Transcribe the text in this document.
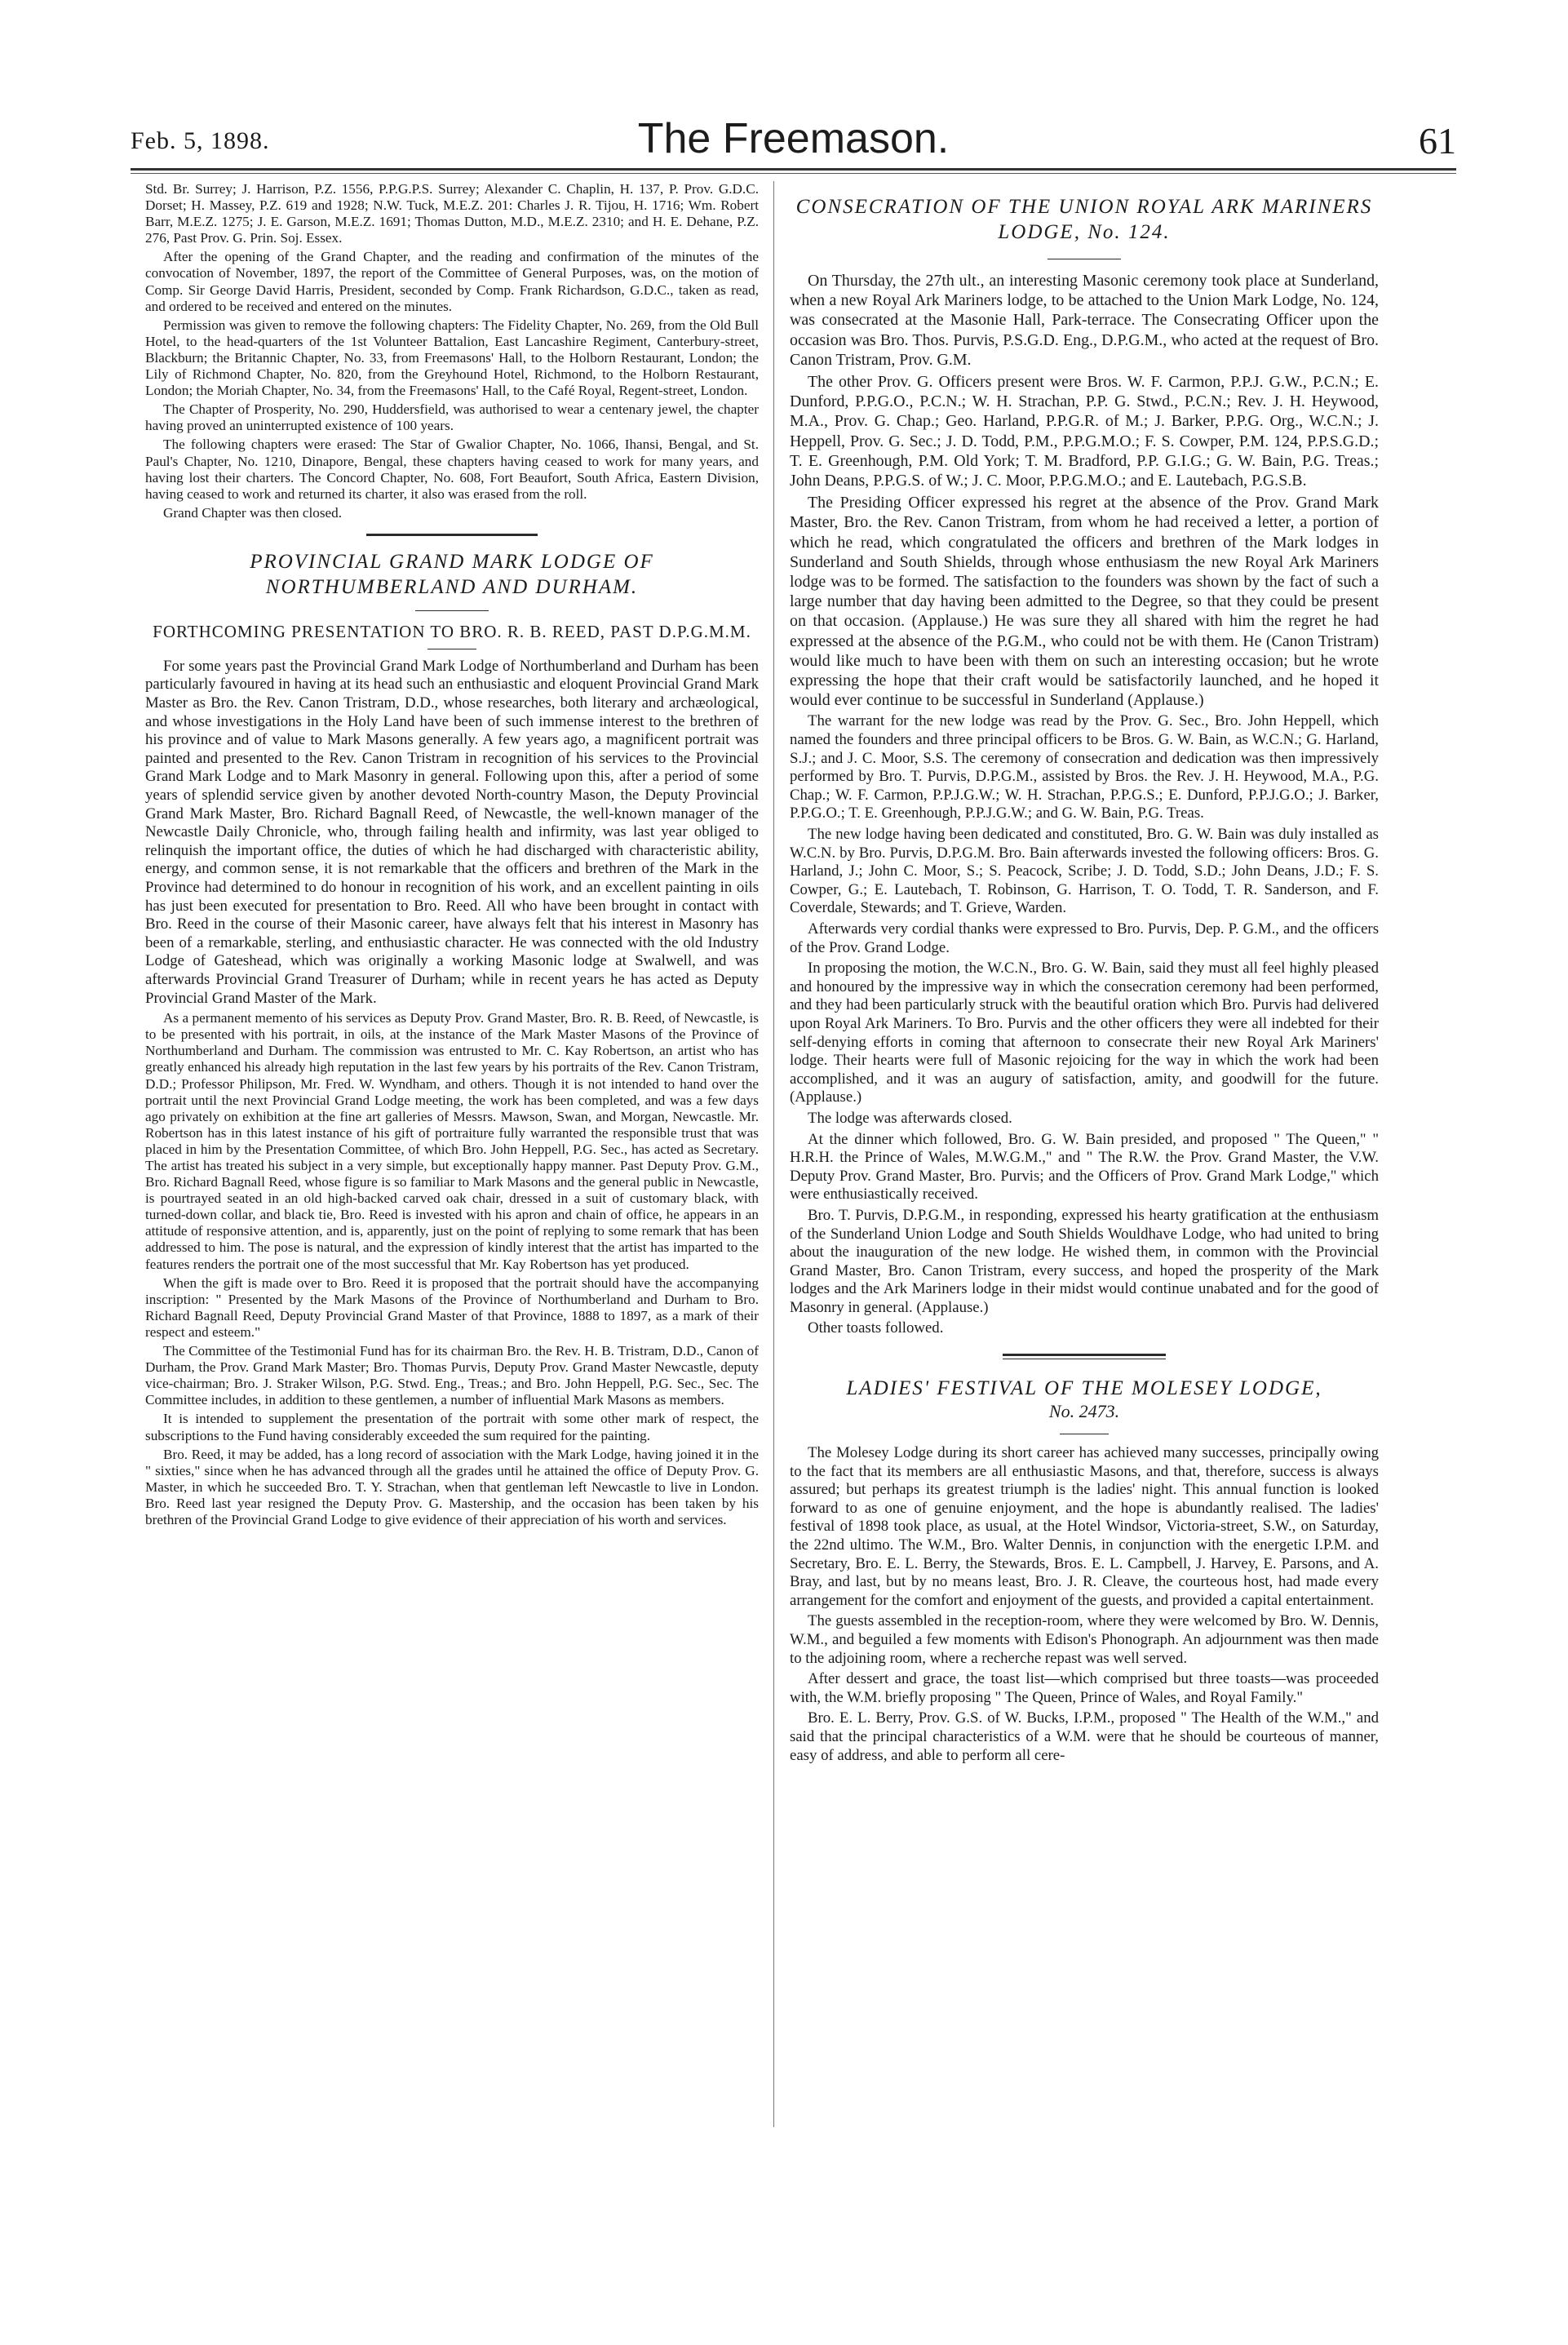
Feb. 5, 1898.	The Freemason.	61

Std. Br. Surrey; J. Harrison, P.Z. 1556, P.P.G.P.S. Surrey; Alexander C. Chaplin, H. 137, P. Prov. G.D.C. Dorset; H. Massey, P.Z. 619 and 1928; N.W. Tuck, M.E.Z. 201: Charles J. R. Tijou, H. 1716; Wm. Robert Barr, M.E.Z. 1275; J. E. Garson, M.E.Z. 1691; Thomas Dutton, M.D., M.E.Z. 2310; and H. E. Dehane, P.Z. 276, Past Prov. G. Prin. Soj. Essex.

After the opening of the Grand Chapter, and the reading and confirmation of the minutes of the convocation of November, 1897, the report of the Committee of General Purposes, was, on the motion of Comp. Sir George David Harris, President, seconded by Comp. Frank Richardson, G.D.C., taken as read, and ordered to be received and entered on the minutes.

Permission was given to remove the following chapters: The Fidelity Chapter, No. 269, from the Old Bull Hotel, to the head-quarters of the 1st Volunteer Battalion, East Lancashire Regiment, Canterbury-street, Blackburn; the Britannic Chapter, No. 33, from Freemasons' Hall, to the Holborn Restaurant, London; the Lily of Richmond Chapter, No. 820, from the Greyhound Hotel, Richmond, to the Holborn Restaurant, London; the Moriah Chapter, No. 34, from the Freemasons' Hall, to the Café Royal, Regent-street, London.

The Chapter of Prosperity, No. 290, Huddersfield, was authorised to wear a centenary jewel, the chapter having proved an uninterrupted existence of 100 years.

The following chapters were erased: The Star of Gwalior Chapter, No. 1066, Ihansi, Bengal, and St. Paul's Chapter, No. 1210, Dinapore, Bengal, these chapters having ceased to work for many years, and having lost their charters. The Concord Chapter, No. 608, Fort Beaufort, South Africa, Eastern Division, having ceased to work and returned its charter, it also was erased from the roll.

Grand Chapter was then closed.

PROVINCIAL GRAND MARK LODGE OF NORTHUMBERLAND AND DURHAM.

FORTHCOMING PRESENTATION TO BRO. R. B. REED, PAST D.P.G.M.M.

For some years past the Provincial Grand Mark Lodge of Northumberland and Durham has been particularly favoured in having at its head such an enthusiastic and eloquent Provincial Grand Mark Master as Bro. the Rev. Canon Tristram, D.D., whose researches, both literary and archæological, and whose investigations in the Holy Land have been of such immense interest to the brethren of his province and of value to Mark Masons generally. A few years ago, a magnificent portrait was painted and presented to the Rev. Canon Tristram in recognition of his services to the Provincial Grand Mark Lodge and to Mark Masonry in general. Following upon this, after a period of some years of splendid service given by another devoted North-country Mason, the Deputy Provincial Grand Mark Master, Bro. Richard Bagnall Reed, of Newcastle, the well-known manager of the Newcastle Daily Chronicle, who, through failing health and infirmity, was last year obliged to relinquish the important office, the duties of which he had discharged with characteristic ability, energy, and common sense, it is not remarkable that the officers and brethren of the Mark in the Province had determined to do honour in recognition of his work, and an excellent painting in oils has just been executed for presentation to Bro. Reed. All who have been brought in contact with Bro. Reed in the course of their Masonic career, have always felt that his interest in Masonry has been of a remarkable, sterling, and enthusiastic character. He was connected with the old Industry Lodge of Gateshead, which was originally a working Masonic lodge at Swalwell, and was afterwards Provincial Grand Treasurer of Durham; while in recent years he has acted as Deputy Provincial Grand Master of the Mark.

As a permanent memento of his services as Deputy Prov. Grand Master, Bro. R. B. Reed, of Newcastle, is to be presented with his portrait, in oils, at the instance of the Mark Master Masons of the Province of Northumberland and Durham. The commission was entrusted to Mr. C. Kay Robertson, an artist who has greatly enhanced his already high reputation in the last few years by his portraits of the Rev. Canon Tristram, D.D.; Professor Philipson, Mr. Fred. W. Wyndham, and others. Though it is not intended to hand over the portrait until the next Provincial Grand Lodge meeting, the work has been completed, and was a few days ago privately on exhibition at the fine art galleries of Messrs. Mawson, Swan, and Morgan, Newcastle. Mr. Robertson has in this latest instance of his gift of portraiture fully warranted the responsible trust that was placed in him by the Presentation Committee, of which Bro. John Heppell, P.G. Sec., has acted as Secretary. The artist has treated his subject in a very simple, but exceptionally happy manner. Past Deputy Prov. G.M., Bro. Richard Bagnall Reed, whose figure is so familiar to Mark Masons and the general public in Newcastle, is pourtrayed seated in an old high-backed carved oak chair, dressed in a suit of customary black, with turned-down collar, and black tie, Bro. Reed is invested with his apron and chain of office, he appears in an attitude of responsive attention, and is, apparently, just on the point of replying to some remark that has been addressed to him. The pose is natural, and the expression of kindly interest that the artist has imparted to the features renders the portrait one of the most successful that Mr. Kay Robertson has yet produced.

When the gift is made over to Bro. Reed it is proposed that the portrait should have the accompanying inscription: " Presented by the Mark Masons of the Province of Northumberland and Durham to Bro. Richard Bagnall Reed, Deputy Provincial Grand Master of that Province, 1888 to 1897, as a mark of their respect and esteem."

The Committee of the Testimonial Fund has for its chairman Bro. the Rev. H. B. Tristram, D.D., Canon of Durham, the Prov. Grand Mark Master; Bro. Thomas Purvis, Deputy Prov. Grand Master Newcastle, deputy vice-chairman; Bro. J. Straker Wilson, P.G. Stwd. Eng., Treas.; and Bro. John Heppell, P.G. Sec., Sec. The Committee includes, in addition to these gentlemen, a number of influential Mark Masons as members.

It is intended to supplement the presentation of the portrait with some other mark of respect, the subscriptions to the Fund having considerably exceeded the sum required for the painting.

Bro. Reed, it may be added, has a long record of association with the Mark Lodge, having joined it in the " sixties," since when he has advanced through all the grades until he attained the office of Deputy Prov. G. Master, in which he succeeded Bro. T. Y. Strachan, when that gentleman left Newcastle to live in London. Bro. Reed last year resigned the Deputy Prov. G. Mastership, and the occasion has been taken by his brethren of the Provincial Grand Lodge to give evidence of their appreciation of his worth and services.

CONSECRATION OF THE UNION ROYAL ARK MARINERS LODGE, No. 124.

On Thursday, the 27th ult., an interesting Masonic ceremony took place at Sunderland, when a new Royal Ark Mariners lodge, to be attached to the Union Mark Lodge, No. 124, was consecrated at the Masonie Hall, Park-terrace. The Consecrating Officer upon the occasion was Bro. Thos. Purvis, P.S.G.D. Eng., D.P.G.M., who acted at the request of Bro. Canon Tristram, Prov. G.M.

The other Prov. G. Officers present were Bros. W. F. Carmon, P.P.J. G.W., P.C.N.; E. Dunford, P.P.G.O., P.C.N.; W. H. Strachan, P.P. G. Stwd., P.C.N.; Rev. J. H. Heywood, M.A., Prov. G. Chap.; Geo. Harland, P.P.G.R. of M.; J. Barker, P.P.G. Org., W.C.N.; J. Heppell, Prov. G. Sec.; J. D. Todd, P.M., P.P.G.M.O.; F. S. Cowper, P.M. 124, P.P.S.G.D.; T. E. Greenhough, P.M. Old York; T. M. Bradford, P.P. G.I.G.; G. W. Bain, P.G. Treas.; John Deans, P.P.G.S. of W.; J. C. Moor, P.P.G.M.O.; and E. Lautebach, P.G.S.B.

The Presiding Officer expressed his regret at the absence of the Prov. Grand Mark Master, Bro. the Rev. Canon Tristram, from whom he had received a letter, a portion of which he read, which congratulated the officers and brethren of the Mark lodges in Sunderland and South Shields, through whose enthusiasm the new Royal Ark Mariners lodge was to be formed. The satisfaction to the founders was shown by the fact of such a large number that day having been admitted to the Degree, so that they could be present on that occasion. (Applause.) He was sure they all shared with him the regret he had expressed at the absence of the P.G.M., who could not be with them. He (Canon Tristram) would like much to have been with them on such an interesting occasion; but he wrote expressing the hope that their craft would be satisfactorily launched, and he hoped it would ever continue to be successful in Sunderland (Applause.)

The warrant for the new lodge was read by the Prov. G. Sec., Bro. John Heppell, which named the founders and three principal officers to be Bros. G. W. Bain, as W.C.N.; G. Harland, S.J.; and J. C. Moor, S.S. The ceremony of consecration and dedication was then impressively performed by Bro. T. Purvis, D.P.G.M., assisted by Bros. the Rev. J. H. Heywood, M.A., P.G. Chap.; W. F. Carmon, P.P.J.G.W.; W. H. Strachan, P.P.G.S.; E. Dunford, P.P.J.G.O.; J. Barker, P.P.G.O.; T. E. Greenhough, P.P.J.G.W.; and G. W. Bain, P.G. Treas.

The new lodge having been dedicated and constituted, Bro. G. W. Bain was duly installed as W.C.N. by Bro. Purvis, D.P.G.M. Bro. Bain afterwards invested the following officers: Bros. G. Harland, J.; John C. Moor, S.; S. Peacock, Scribe; J. D. Todd, S.D.; John Deans, J.D.; F. S. Cowper, G.; E. Lautebach, T. Robinson, G. Harrison, T. O. Todd, T. R. Sanderson, and F. Coverdale, Stewards; and T. Grieve, Warden.

Afterwards very cordial thanks were expressed to Bro. Purvis, Dep. P. G.M., and the officers of the Prov. Grand Lodge.

In proposing the motion, the W.C.N., Bro. G. W. Bain, said they must all feel highly pleased and honoured by the impressive way in which the consecration ceremony had been performed, and they had been particularly struck with the beautiful oration which Bro. Purvis had delivered upon Royal Ark Mariners. To Bro. Purvis and the other officers they were all indebted for their self-denying efforts in coming that afternoon to consecrate their new Royal Ark Mariners' lodge. Their hearts were full of Masonic rejoicing for the way in which the work had been accomplished, and it was an augury of satisfaction, amity, and goodwill for the future. (Applause.)

The lodge was afterwards closed.

At the dinner which followed, Bro. G. W. Bain presided, and proposed " The Queen," " H.R.H. the Prince of Wales, M.W.G.M.," and " The R.W. the Prov. Grand Master, the V.W. Deputy Prov. Grand Master, Bro. Purvis; and the Officers of Prov. Grand Mark Lodge," which were enthusiastically received.

Bro. T. Purvis, D.P.G.M., in responding, expressed his hearty gratification at the enthusiasm of the Sunderland Union Lodge and South Shields Wouldhave Lodge, who had united to bring about the inauguration of the new lodge. He wished them, in common with the Provincial Grand Master, Bro. Canon Tristram, every success, and hoped the prosperity of the Mark lodges and the Ark Mariners lodge in their midst would continue unabated and for the good of Masonry in general. (Applause.)

Other toasts followed.

LADIES' FESTIVAL OF THE MOLESEY LODGE,

No. 2473.

The Molesey Lodge during its short career has achieved many successes, principally owing to the fact that its members are all enthusiastic Masons, and that, therefore, success is always assured; but perhaps its greatest triumph is the ladies' night. This annual function is looked forward to as one of genuine enjoyment, and the hope is abundantly realised. The ladies' festival of 1898 took place, as usual, at the Hotel Windsor, Victoria-street, S.W., on Saturday, the 22nd ultimo. The W.M., Bro. Walter Dennis, in conjunction with the energetic I.P.M. and Secretary, Bro. E. L. Berry, the Stewards, Bros. E. L. Campbell, J. Harvey, E. Parsons, and A. Bray, and last, but by no means least, Bro. J. R. Cleave, the courteous host, had made every arrangement for the comfort and enjoyment of the guests, and provided a capital entertainment.

The guests assembled in the reception-room, where they were welcomed by Bro. W. Dennis, W.M., and beguiled a few moments with Edison's Phonograph. An adjournment was then made to the adjoining room, where a recherche repast was well served.

After dessert and grace, the toast list—which comprised but three toasts—was proceeded with, the W.M. briefly proposing " The Queen, Prince of Wales, and Royal Family."

Bro. E. L. Berry, Prov. G.S. of W. Bucks, I.P.M., proposed " The Health of the W.M.," and said that the principal characteristics of a W.M. were that he should be courteous of manner, easy of address, and able to perform all cere-
